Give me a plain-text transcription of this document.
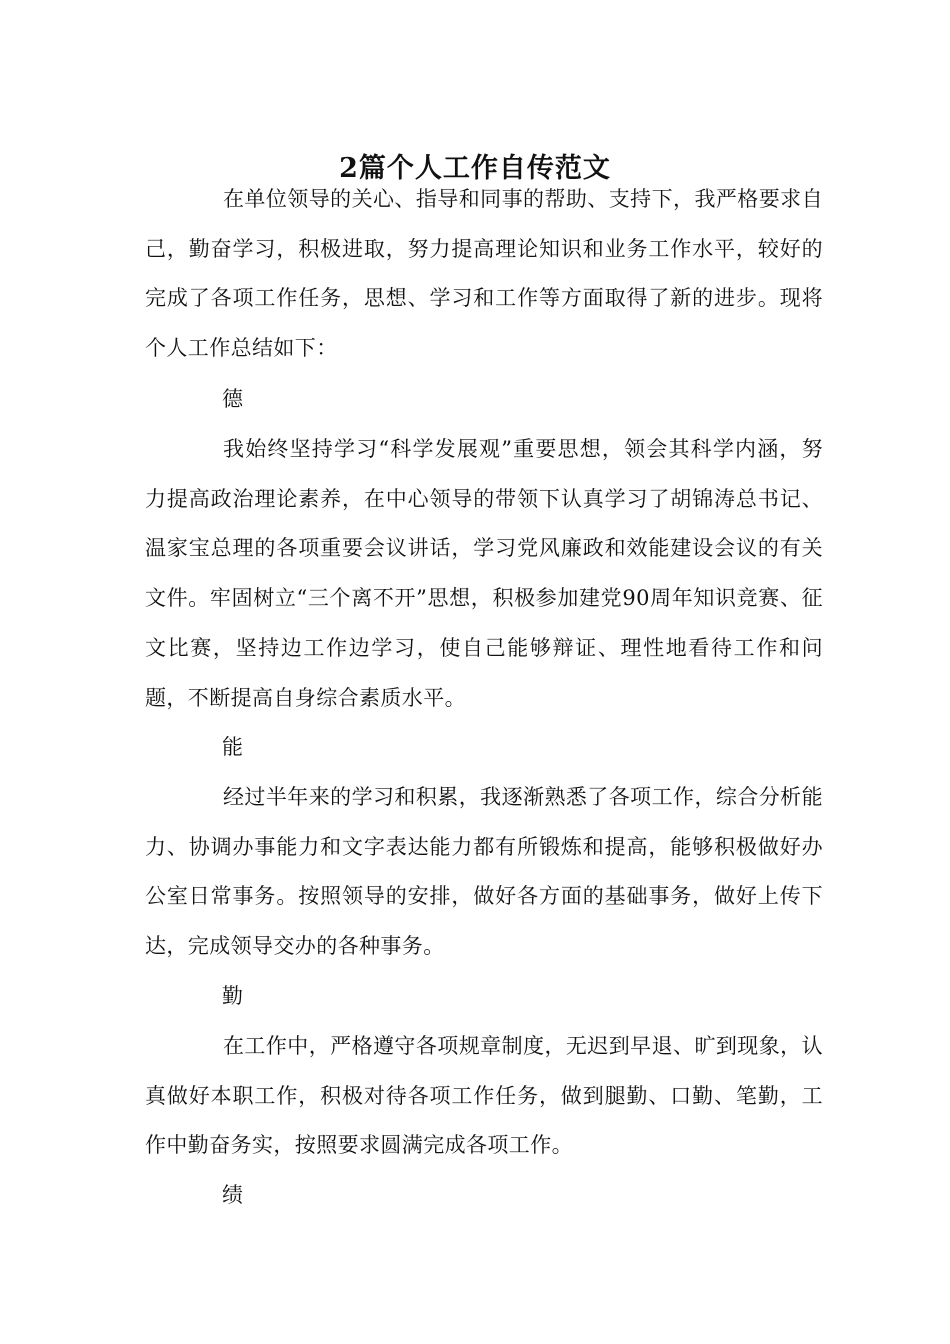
2篇个人工作自传范文

在单位领导的关心、指导和同事的帮助、支持下，我严格要求自己，勤奋学习，积极进取，努力提高理论知识和业务工作水平，较好的完成了各项工作任务，思想、学习和工作等方面取得了新的进步。现将个人工作总结如下：

德

我始终坚持学习“科学发展观”重要思想，领会其科学内涵，努力提高政治理论素养，在中心领导的带领下认真学习了胡锦涛总书记、温家宝总理的各项重要会议讲话，学习党风廉政和效能建设会议的有关文件。牢固树立“三个离不开”思想，积极参加建党90周年知识竞赛、征文比赛，坚持边工作边学习，使自己能够辩证、理性地看待工作和问题，不断提高自身综合素质水平。

能

经过半年来的学习和积累，我逐渐熟悉了各项工作，综合分析能力、协调办事能力和文字表达能力都有所锻炼和提高，能够积极做好办公室日常事务。按照领导的安排，做好各方面的基础事务，做好上传下达，完成领导交办的各种事务。

勤

在工作中，严格遵守各项规章制度，无迟到早退、旷到现象，认真做好本职工作，积极对待各项工作任务，做到腿勤、口勤、笔勤，工作中勤奋务实，按照要求圆满完成各项工作。

绩
